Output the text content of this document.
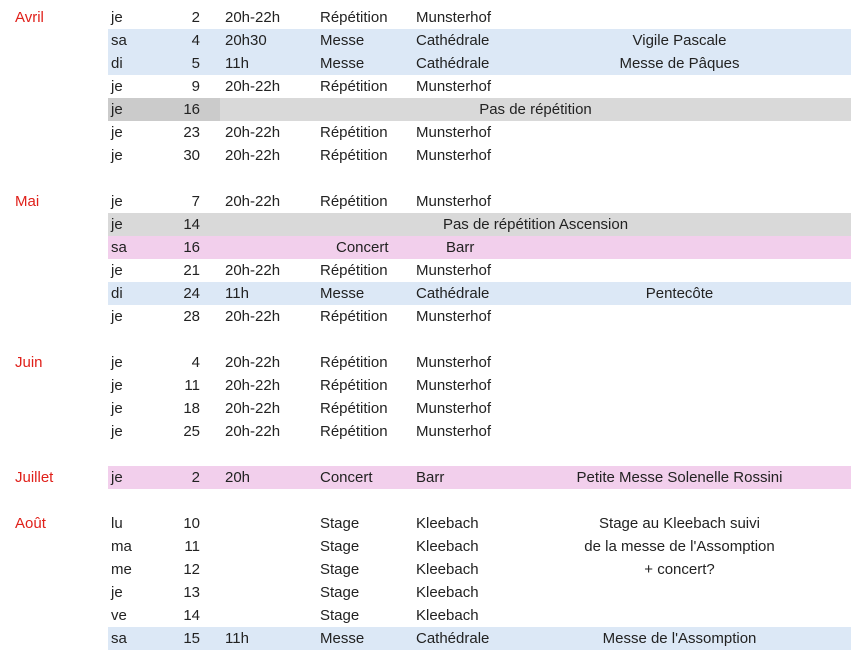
Avril	je	2 20h-22h	Répétition Munsterhof
sa	4 20h30	Messe	Cathédrale	Vigile Pascale
di	5 11h	Messe	Cathédrale	Messe de Pâques
je	9 20h-22h	Répétition Munsterhof
je	16	Pas de répétition
je	23 20h-22h	Répétition Munsterhof
je	30 20h-22h	Répétition Munsterhof
Mai	je	7 20h-22h	Répétition Munsterhof
je	14	Pas de répétition Ascension
sa	16	Concert	Barr
je	21 20h-22h	Répétition Munsterhof
di	24 11h	Messe	Cathédrale	Pentecôte
je	28 20h-22h	Répétition Munsterhof
Juin	je	4 20h-22h	Répétition Munsterhof
je	11 20h-22h	Répétition Munsterhof
je	18 20h-22h	Répétition Munsterhof
je	25 20h-22h	Répétition Munsterhof
Juillet	je	2 20h	Concert	Barr	Petite Messe Solenelle Rossini
Août	lu	10	Stage	Kleebach	Stage au Kleebach suivi
ma	11	Stage	Kleebach	de la messe de l'Assomption
me	12	Stage	Kleebach	+ concert?
je	13	Stage	Kleebach
ve	14	Stage	Kleebach
sa	15 11h	Messe	Cathédrale	Messe de l'Assomption
